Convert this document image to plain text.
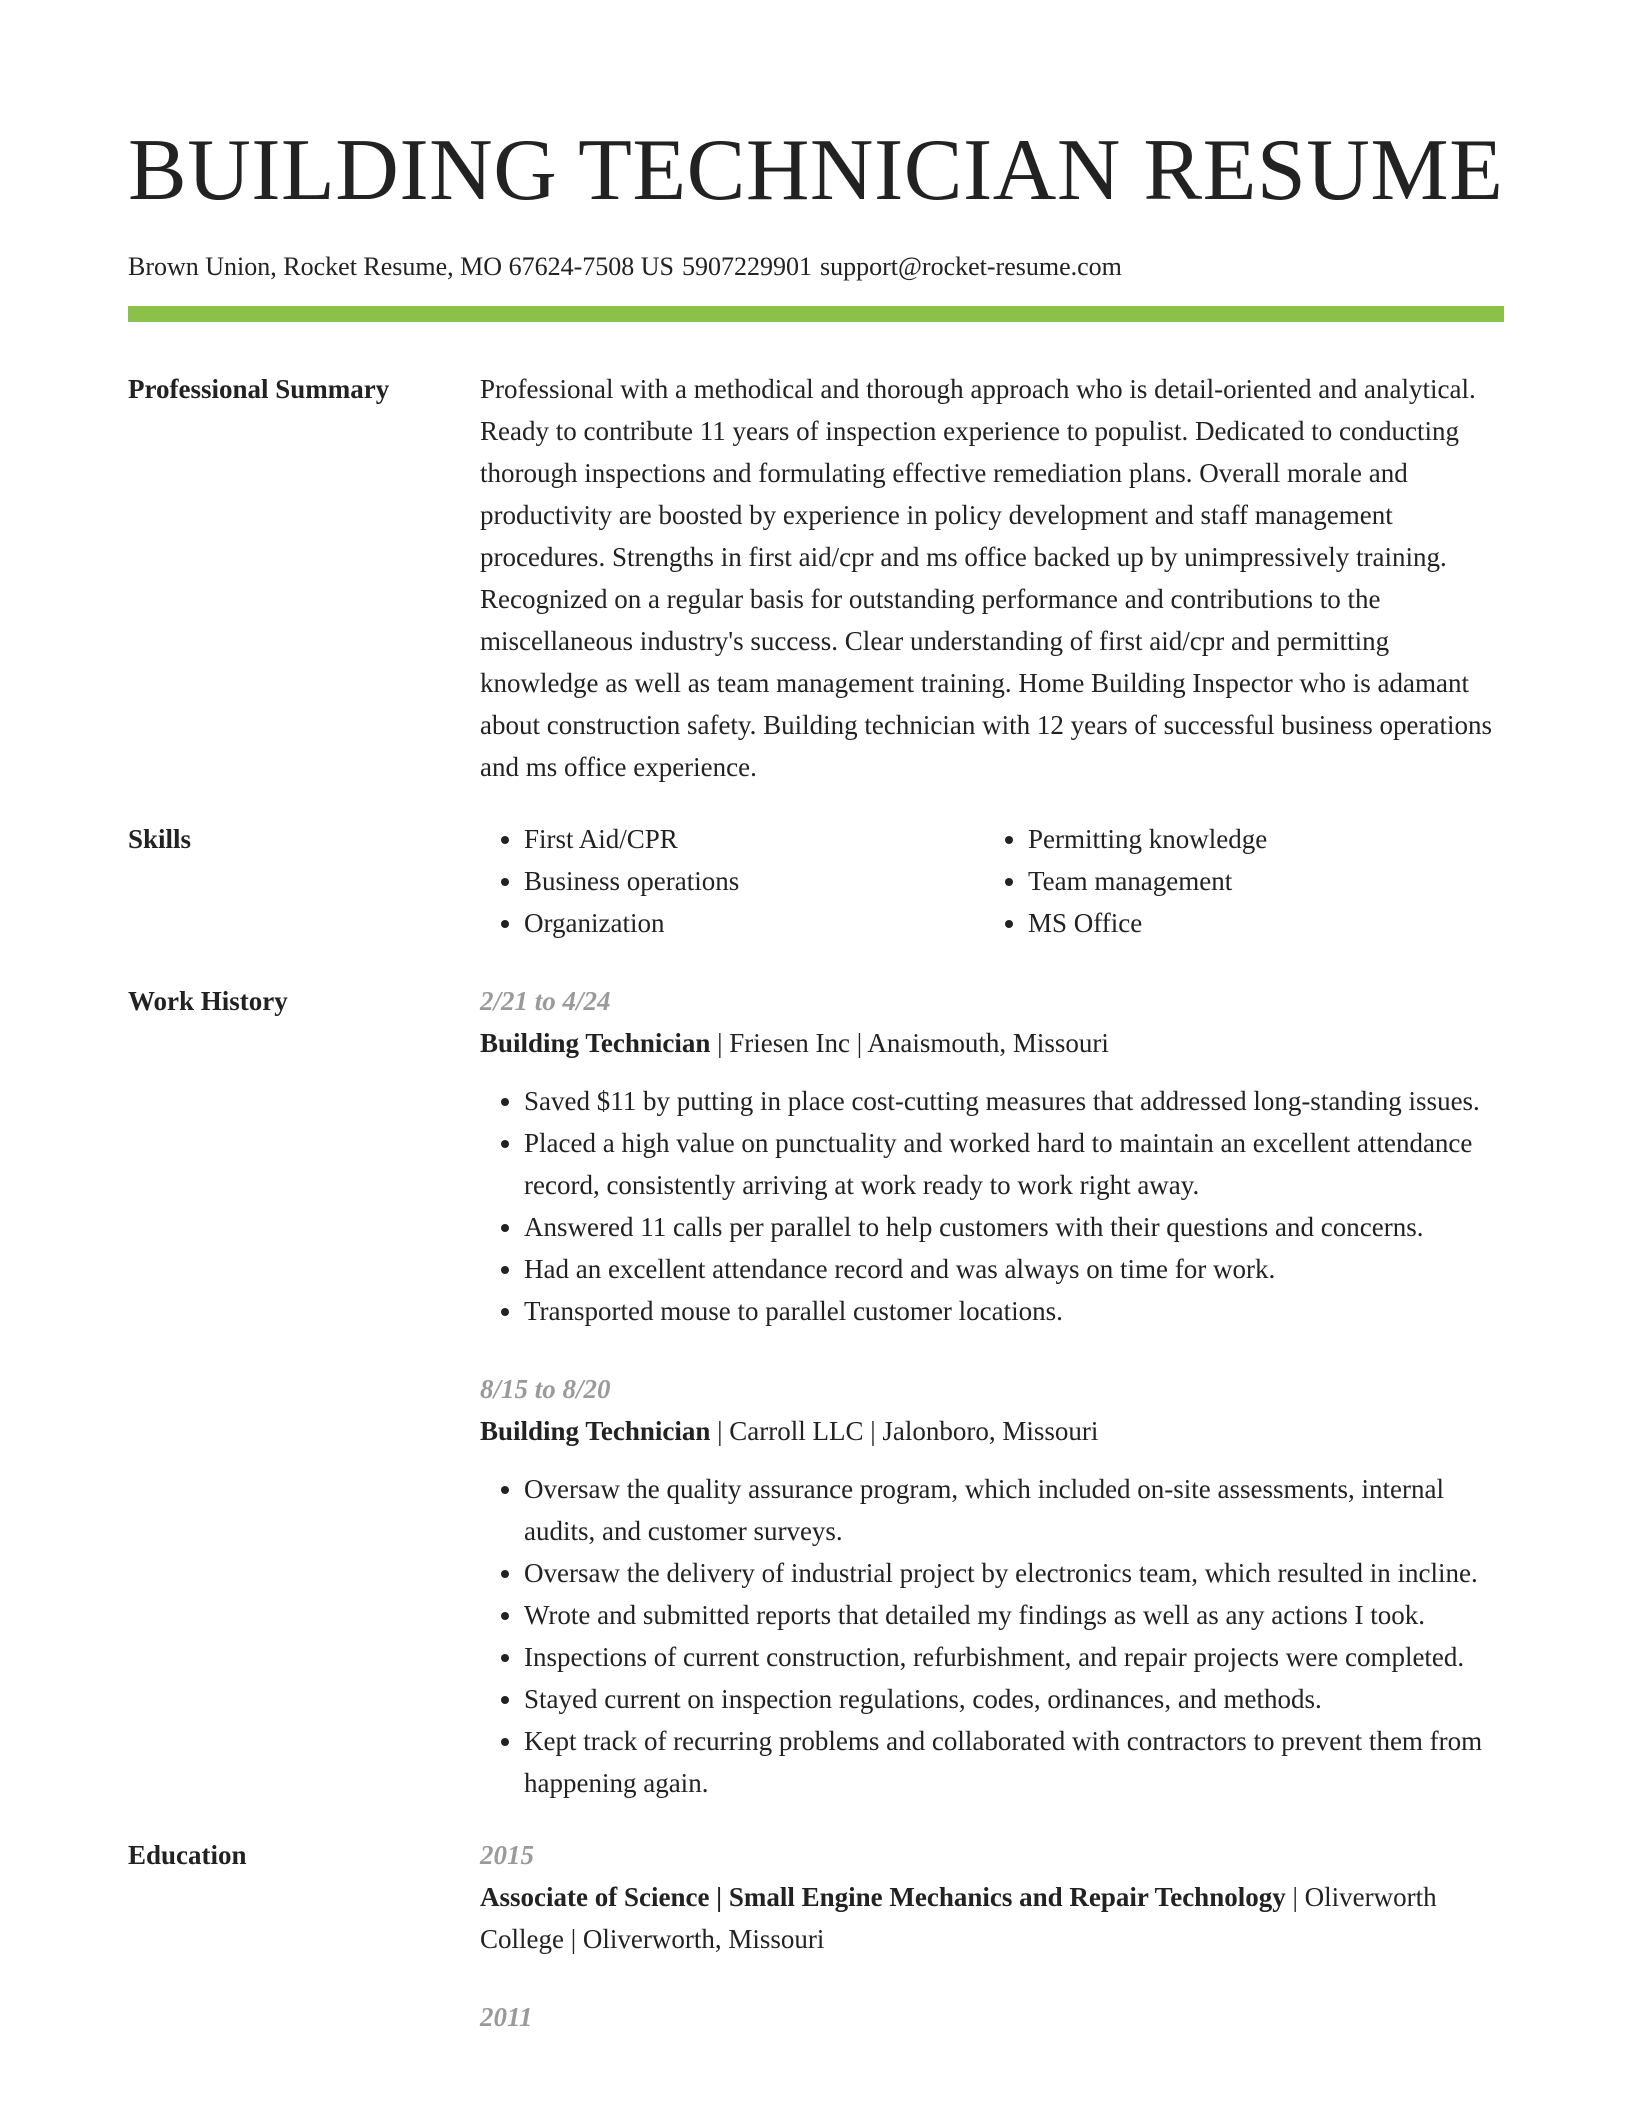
BUILDING TECHNICIAN RESUME
Brown Union, Rocket Resume, MO 67624-7508 US 5907229901 support@rocket-resume.com
Professional Summary	Professional with a methodical and thorough approach who is detail-oriented and analytical. Ready to contribute 11 years of inspection experience to populist. Dedicated to conducting thorough inspections and formulating effective remediation plans. Overall morale and productivity are boosted by experience in policy development and staff management procedures. Strengths in first aid/cpr and ms office backed up by unimpressively training. Recognized on a regular basis for outstanding performance and contributions to the miscellaneous industry's success. Clear understanding of first aid/cpr and permitting knowledge as well as team management training. Home Building Inspector who is adamant about construction safety. Building technician with 12 years of successful business operations and ms office experience.
Skills
•	First Aid/CPR
• Business operations
• Organization
• Permitting knowledge
• Team management
• MS Office
Work History	2/21 to 4/24
Building Technician | Friesen Inc | Anaismouth, Missouri
• Saved $11 by putting in place cost-cutting measures that addressed long-standing issues.
• Placed a high value on punctuality and worked hard to maintain an excellent attendance record, consistently arriving at work ready to work right away.
• Answered 11 calls per parallel to help customers with their questions and concerns.
• Had an excellent attendance record and was always on time for work.
• Transported mouse to parallel customer locations.
8/15 to 8/20
Building Technician | Carroll LLC | Jalonboro, Missouri
• Oversaw the quality assurance program, which included on-site assessments, internal audits, and customer surveys.
• Oversaw the delivery of industrial project by electronics team, which resulted in incline.
• Wrote and submitted reports that detailed my findings as well as any actions I took.
• Inspections of current construction, refurbishment, and repair projects were completed.
• Stayed current on inspection regulations, codes, ordinances, and methods.
• Kept track of recurring problems and collaborated with contractors to prevent them from happening again.
Education	2015
Associate of Science | Small Engine Mechanics and Repair Technology | Oliverworth College | Oliverworth, Missouri
2011
